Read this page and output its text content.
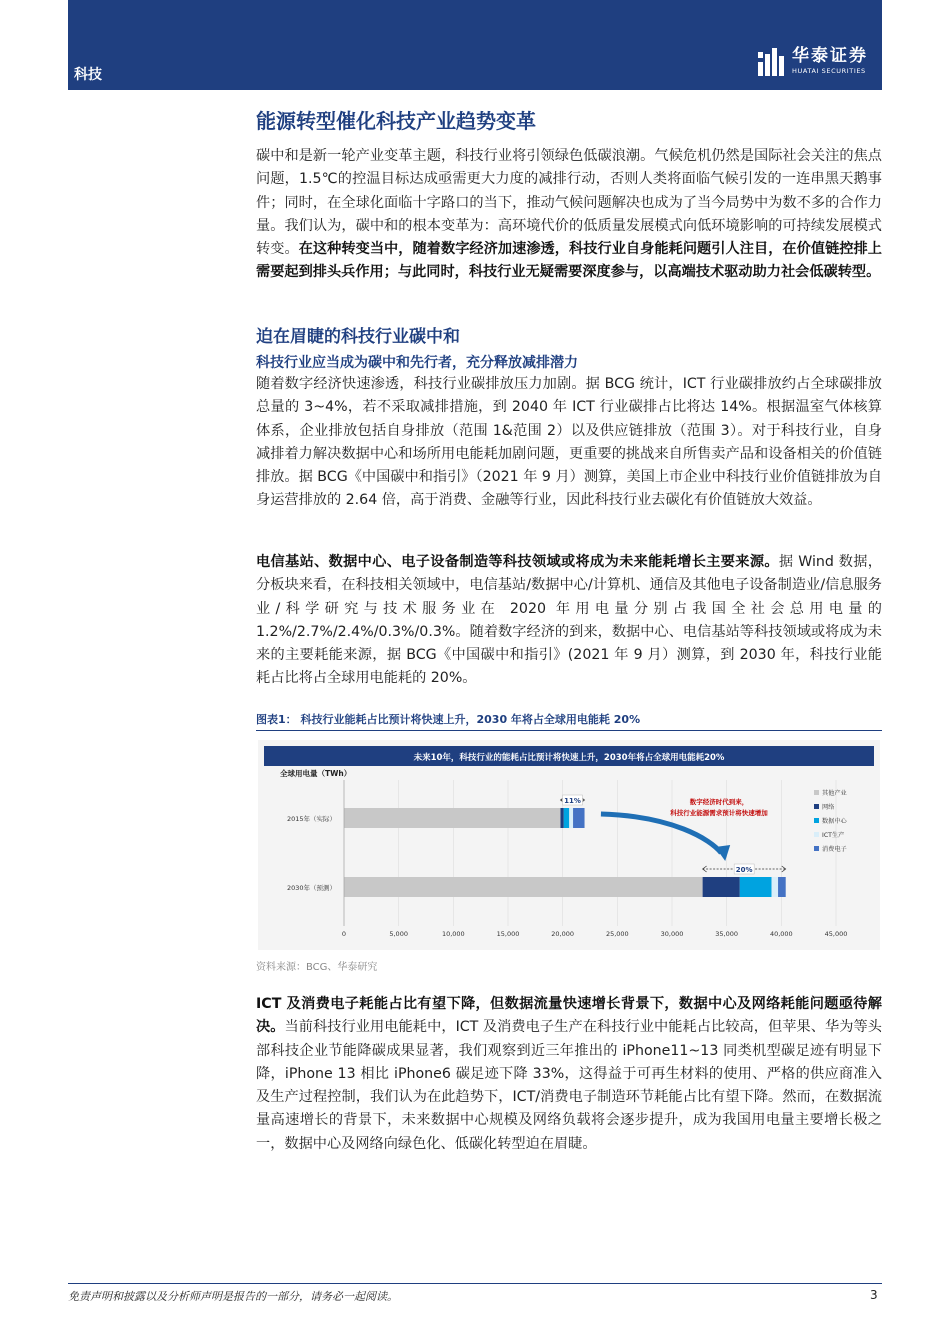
科技
华泰证券
HUATAI SECURITIES
能源转型催化科技产业趋势变革

碳中和是新一轮产业变革主题，科技行业将引领绿色低碳浪潮。气候危机仍然是国际社会关注的焦点问题，1.5℃的控温目标达成亟需更大力度的减排行动，否则人类将面临气候引发的一连串黑天鹅事件；同时，在全球化面临十字路口的当下，推动气候问题解决也成为了当今局势中为数不多的合作力量。我们认为，碳中和的根本变革为：高环境代价的低质量发展模式向低环境影响的可持续发展模式转变。在这种转变当中，随着数字经济加速渗透，科技行业自身能耗问题引人注目，在价值链控排上需要起到排头兵作用；与此同时，科技行业无疑需要深度参与，以高端技术驱动助力社会低碳转型。

迫在眉睫的科技行业碳中和
科技行业应当成为碳中和先行者，充分释放减排潜力

随着数字经济快速渗透，科技行业碳排放压力加剧。据 BCG 统计，ICT 行业碳排放约占全球碳排放总量的 3~4%，若不采取减排措施，到 2040 年 ICT 行业碳排占比将达 14%。根据温室气体核算体系，企业排放包括自身排放（范围 1&范围 2）以及供应链排放（范围 3）。对于科技行业，自身减排着力解决数据中心和场所用电能耗加剧问题，更重要的挑战来自所售卖产品和设备相关的价值链排放。据 BCG《中国碳中和指引》（2021 年 9 月）测算，美国上市企业中科技行业价值链排放为自身运营排放的 2.64 倍，高于消费、金融等行业，因此科技行业去碳化有价值链放大效益。

电信基站、数据中心、电子设备制造等科技领域或将成为未来能耗增长主要来源。据 Wind 数据，分板块来看，在科技相关领域中，电信基站/数据中心/计算机、通信及其他电子设备制造业/信息服务业/科学研究与技术服务业在 2020 年用电量分别占我国全社会总用电量的 1.2%/2.7%/2.4%/0.3%/0.3%。随着数字经济的到来，数据中心、电信基站等科技领域或将成为未来的主要耗能来源，据 BCG《中国碳中和指引》(2021 年 9 月）测算，到 2030 年，科技行业能耗占比将占全球用电能耗的 20%。

图表1： 科技行业能耗占比预计将快速上升，2030 年将占全球用电能耗 20%
未来10年，科技行业的能耗占比预计将快速上升，2030年将占全球用电能耗20%
全球用电量（TWh）
0	5,000	10,000	15,000	20,000	25,000	30,000	35,000	40,000	45,000
2015年（实际）
2030年（预测）
其他产业
网络
数据中心
ICT生产
消费电子
11%
20%
数字经济时代到来，
科技行业能源需求预计将快速增加
资料来源：BCG、华泰研究

ICT 及消费电子耗能占比有望下降，但数据流量快速增长背景下，数据中心及网络耗能问题亟待解决。当前科技行业用电能耗中，ICT 及消费电子生产在科技行业中能耗占比较高，但苹果、华为等头部科技企业节能降碳成果显著，我们观察到近三年推出的 iPhone11~13 同类机型碳足迹有明显下降，iPhone 13 相比 iPhone6 碳足迹下降 33%，这得益于可再生材料的使用、严格的供应商准入及生产过程控制，我们认为在此趋势下，ICT/消费电子制造环节耗能占比有望下降。然而，在数据流量高速增长的背景下，未来数据中心规模及网络负载将会逐步提升，成为我国用电量主要增长极之一，数据中心及网络向绿色化、低碳化转型迫在眉睫。

免责声明和披露以及分析师声明是报告的一部分，请务必一起阅读。	3
